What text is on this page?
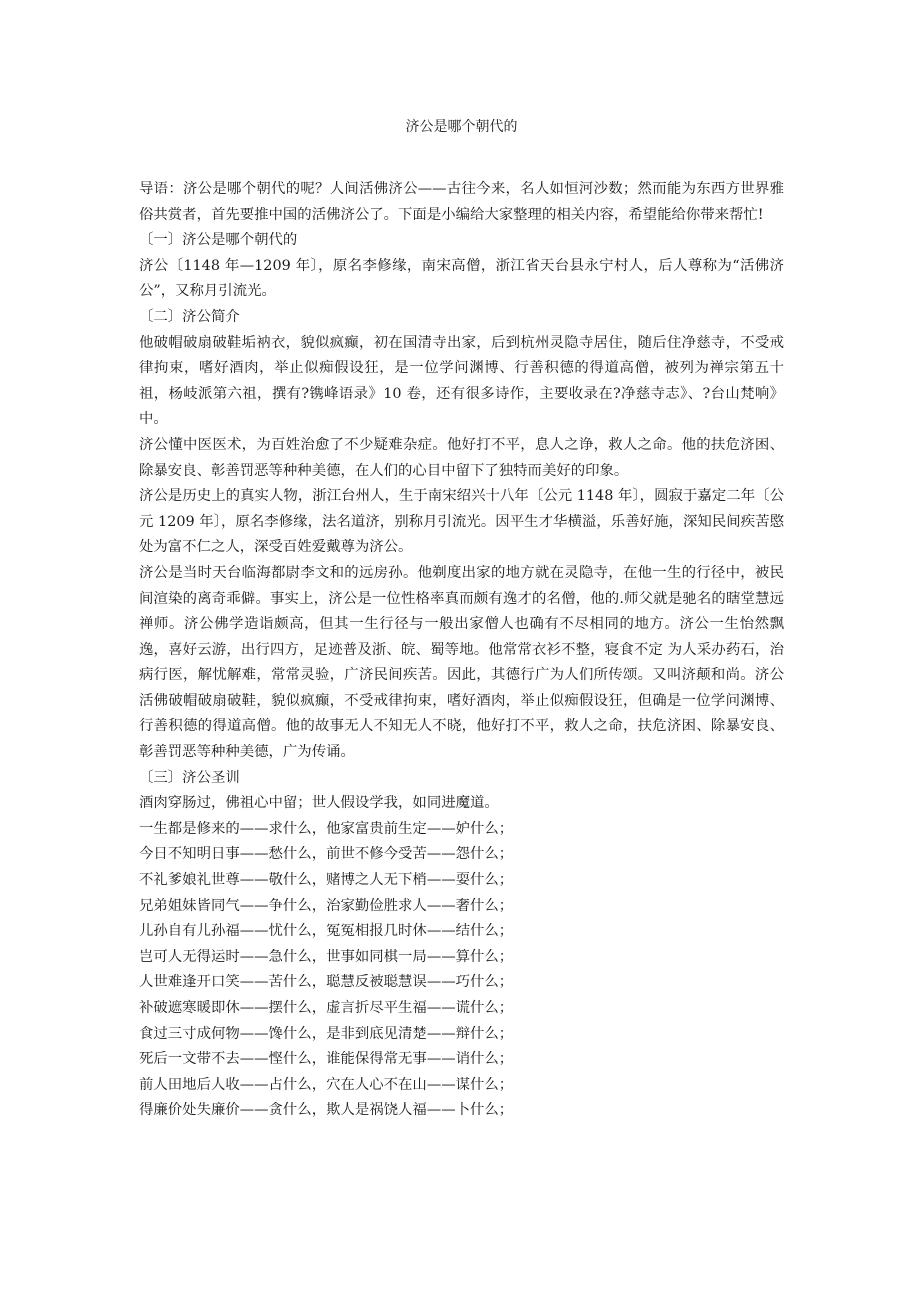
济公是哪个朝代的

导语：济公是哪个朝代的呢？人间活佛济公——古往今来，名人如恒河沙数；然而能为东西方世界雅俗共赏者，首先要推中国的活佛济公了。下面是小编给大家整理的相关内容，希望能给你带来帮忙!

〔一〕济公是哪个朝代的

济公〔1148 年—1209 年〕，原名李修缘，南宋高僧，浙江省天台县永宁村人，后人尊称为“活佛济公”，又称月引流光。

〔二〕济公简介

他破帽破扇破鞋垢衲衣，貌似疯癫，初在国清寺出家，后到杭州灵隐寺居住，随后住净慈寺，不受戒律拘束，嗜好酒肉，举止似痴假设狂，是一位学问渊博、行善积德的得道高僧，被列为禅宗第五十祖，杨岐派第六祖，撰有?镌峰语录》10 卷，还有很多诗作，主要收录在?净慈寺志》、?台山梵响》中。

济公懂中医医术，为百姓治愈了不少疑难杂症。他好打不平，息人之诤，救人之命。他的扶危济困、除暴安良、彰善罚恶等种种美德，在人们的心目中留下了独特而美好的印象。

济公是历史上的真实人物，浙江台州人，生于南宋绍兴十八年〔公元 1148 年〕，圆寂于嘉定二年〔公元 1209 年〕，原名李修缘，法名道济，别称月引流光。因平生才华横溢，乐善好施，深知民间疾苦愍处为富不仁之人，深受百姓爱戴尊为济公。

济公是当时天台临海都尉李文和的远房孙。他剃度出家的地方就在灵隐寺，在他一生的行径中，被民间渲染的离奇乖僻。事实上，济公是一位性格率真而颇有逸才的名僧，他的.师父就是驰名的瞎堂慧远禅师。济公佛学造诣颇高，但其一生行径与一般出家僧人也确有不尽相同的地方。济公一生怡然飘逸，喜好云游，出行四方，足迹普及浙、皖、蜀等地。他常常衣衫不整，寝食不定 为人采办药石，治病行医，解忧解难，常常灵验，广济民间疾苦。因此，其德行广为人们所传颂。又叫济颠和尚。济公活佛破帽破扇破鞋，貌似疯癫，不受戒律拘束，嗜好酒肉，举止似痴假设狂，但确是一位学问渊博、行善积德的得道高僧。他的故事无人不知无人不晓，他好打不平，救人之命，扶危济困、除暴安良、彰善罚恶等种种美德，广为传诵。

〔三〕济公圣训

酒肉穿肠过，佛祖心中留；世人假设学我，如同进魔道。

一生都是修来的——求什么，他家富贵前生定——妒什么；

今日不知明日事——愁什么，前世不修今受苦——怨什么；

不礼爹娘礼世尊——敬什么，赌博之人无下梢——耍什么；

兄弟姐妹皆同气——争什么，治家勤俭胜求人——奢什么；

儿孙自有儿孙福——忧什么，冤冤相报几时休——结什么；

岂可人无得运时——急什么，世事如同棋一局——算什么；

人世难逢开口笑——苦什么，聪慧反被聪慧误——巧什么；

补破遮寒暖即休——摆什么，虚言折尽平生福——谎什么；

食过三寸成何物——馋什么，是非到底见清楚——辩什么；

死后一文带不去——悭什么，谁能保得常无事——诮什么；

前人田地后人收——占什么，穴在人心不在山——谋什么；

得廉价处失廉价——贪什么，欺人是祸饶人福——卜什么；
